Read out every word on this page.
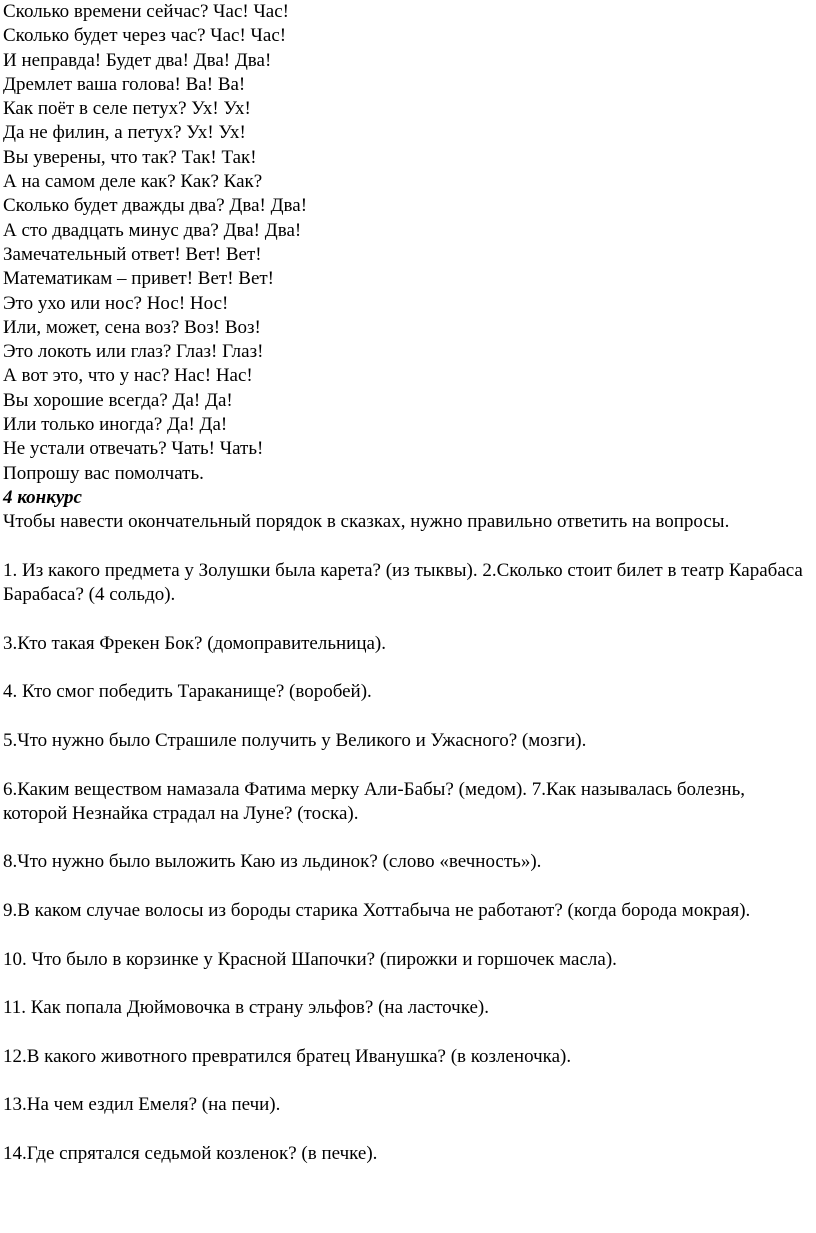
Сколько времени сейчас? Час! Час!
Сколько будет через час? Час! Час!
И неправда! Будет два! Два! Два!
Дремлет ваша голова! Ва! Ва!
Как поёт в селе петух? Ух! Ух!
Да не филин, а петух? Ух! Ух!
Вы уверены, что так? Так! Так!
А на самом деле как? Как? Как?
Сколько будет дважды два? Два! Два!
А сто двадцать минус два? Два! Два!
Замечательный ответ! Вет! Вет!
Математикам – привет! Вет! Вет!
Это ухо или нос? Нос! Нос!
Или, может, сена воз? Воз! Воз!
Это локоть или глаз? Глаз! Глаз!
А вот это, что у нас? Нас! Нас!
Вы хорошие всегда? Да! Да!
Или только иногда? Да! Да!
Не устали отвечать? Чать! Чать!
Попрошу вас помолчать.
4 конкурс
Чтобы навести окончательный порядок в сказках, нужно правильно ответить на вопросы.
1. Из какого предмета у Золушки была карета? (из тыквы). 2.Сколько стоит билет в театр Карабаса Барабаса? (4 сольдо).
3.Кто такая Фрекен Бок? (домоправительница).
4. Кто смог победить Тараканище? (воробей).
5.Что нужно было Страшиле получить у Великого и Ужасного? (мозги).
6.Каким веществом намазала Фатима мерку Али-Бабы? (медом). 7.Как называлась болезнь, которой Незнайка страдал на Луне? (тоска).
8.Что нужно было выложить Каю из льдинок? (слово «вечность»).
9.В каком случае волосы из бороды старика Хоттабыча не работают? (когда борода мокрая).
10. Что было в корзинке у Красной Шапочки? (пирожки и горшочек масла).
11. Как попала Дюймовочка в страну эльфов? (на ласточке).
12.В какого животного превратился братец Иванушка? (в козленочка).
13.На чем ездил Емеля? (на печи).
14.Где спрятался седьмой козленок? (в печке).
